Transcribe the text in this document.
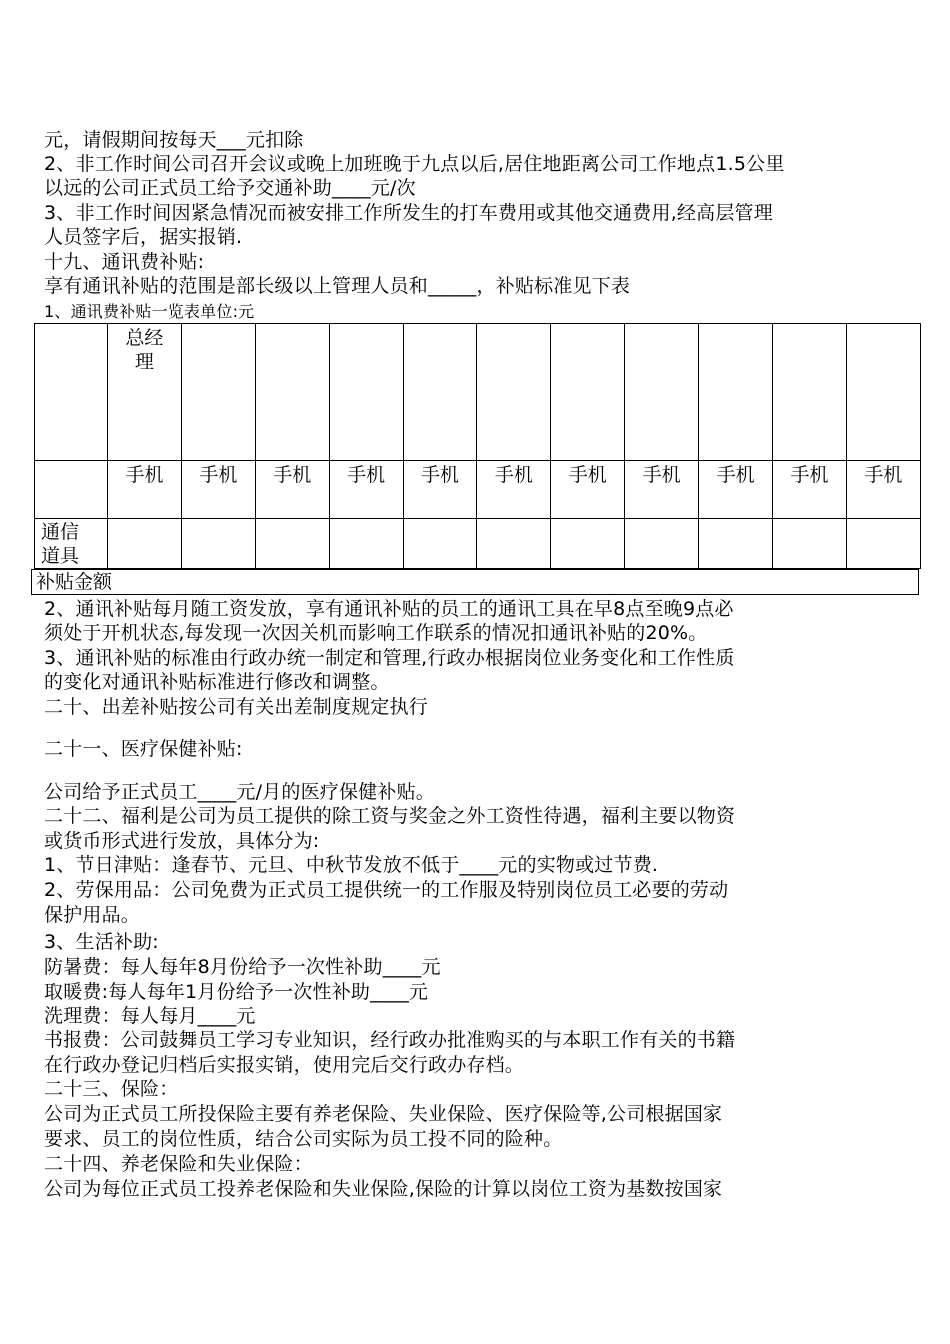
元，请假期间按每天___元扣除
2、非工作时间公司召开会议或晚上加班晚于九点以后,居住地距离公司工作地点1.5公里
以远的公司正式员工给予交通补助____元/次
3、非工作时间因紧急情况而被安排工作所发生的打车费用或其他交通费用,经高层管理
人员签字后，据实报销.
十九、通讯费补贴:
享有通讯补贴的范围是部长级以上管理人员和_____，补贴标准见下表
1、通讯费补贴一览表单位:元

	总经理										

	手机	手机	手机	手机	手机	手机	手机	手机	手机	手机	手机

通信道具											

补贴金额
2、通讯补贴每月随工资发放，享有通讯补贴的员工的通讯工具在早8点至晚9点必
须处于开机状态,每发现一次因关机而影响工作联系的情况扣通讯补贴的20%。
3、通讯补贴的标准由行政办统一制定和管理,行政办根据岗位业务变化和工作性质
的变化对通讯补贴标准进行修改和调整。
二十、出差补贴按公司有关出差制度规定执行
二十一、医疗保健补贴:
公司给予正式员工____元/月的医疗保健补贴。
二十二、福利是公司为员工提供的除工资与奖金之外工资性待遇，福利主要以物资
或货币形式进行发放，具体分为:
1、节日津贴：逢春节、元旦、中秋节发放不低于____元的实物或过节费.
2、劳保用品：公司免费为正式员工提供统一的工作服及特别岗位员工必要的劳动
保护用品。
3、生活补助:
防暑费：每人每年8月份给予一次性补助____元
取暖费:每人每年1月份给予一次性补助____元
洗理费：每人每月____元
书报费：公司鼓舞员工学习专业知识，经行政办批准购买的与本职工作有关的书籍
在行政办登记归档后实报实销，使用完后交行政办存档。
二十三、保险：
公司为正式员工所投保险主要有养老保险、失业保险、医疗保险等,公司根据国家
要求、员工的岗位性质，结合公司实际为员工投不同的险种。
二十四、养老保险和失业保险：
公司为每位正式员工投养老保险和失业保险,保险的计算以岗位工资为基数按国家
